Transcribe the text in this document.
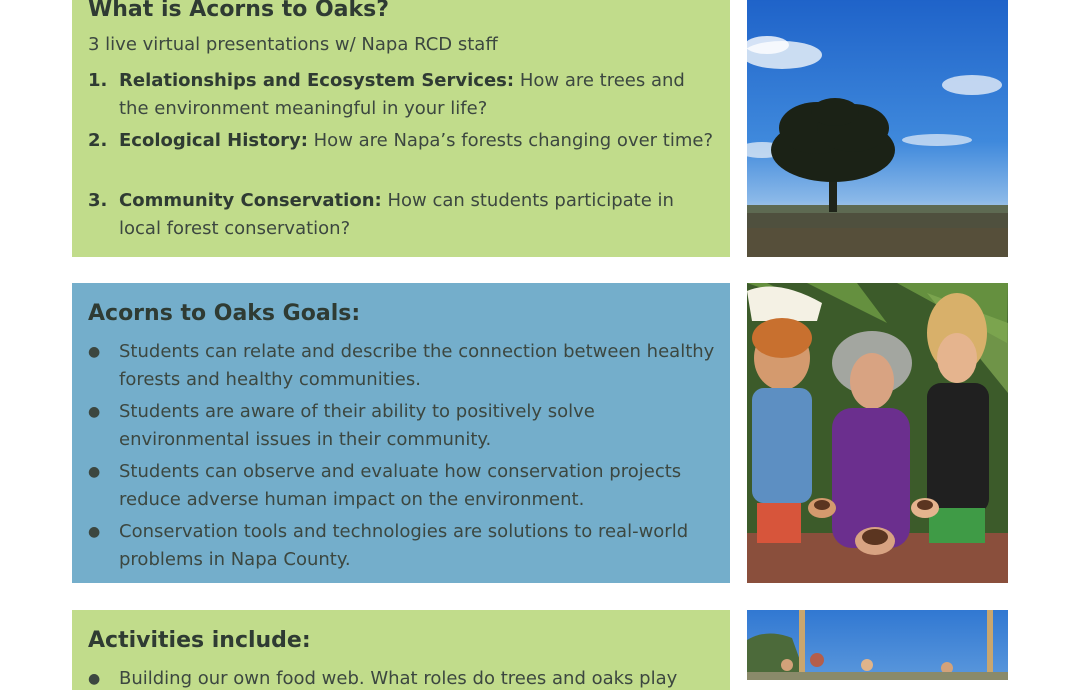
What is Acorns to Oaks?
3 live virtual presentations w/ Napa RCD staff
1. Relationships and Ecosystem Services: How are trees and the environment meaningful in your life?
2. Ecological History: How are Napa’s forests changing over time?
3. Community Conservation: How can students participate in local forest conservation?
Acorns to Oaks Goals:
●	Students can relate and describe the connection between healthy forests and healthy communities.
●	Students are aware of their ability to positively solve environmental issues in their community.
●	Students can observe and evaluate how conservation projects reduce adverse human impact on the environment.
●	Conservation tools and technologies are solutions to real-world problems in Napa County.
Activities include:
●	Building our own food web. What roles do trees and oaks play
